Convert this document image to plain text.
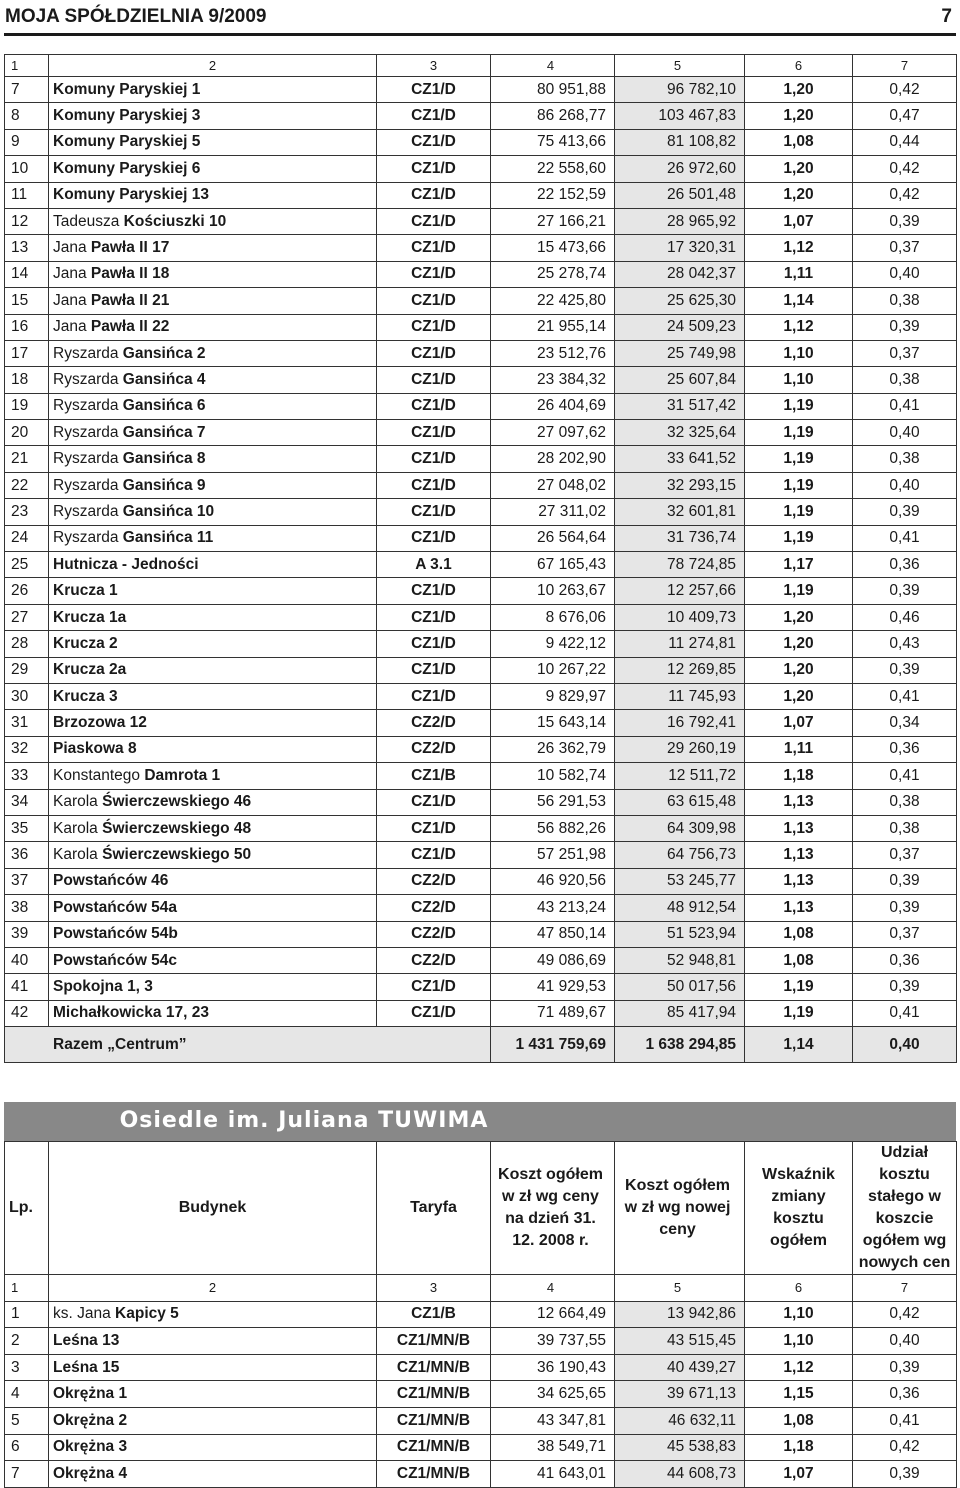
MOJA SPÓŁDZIELNIA 9/2009	7
1	2	3	4	5	6	7
7	Komuny Paryskiej 1	CZ1/D	80 951,88	96 782,10	1,20	0,42
8	Komuny Paryskiej 3	CZ1/D	86 268,77	103 467,83	1,20	0,47
9	Komuny Paryskiej 5	CZ1/D	75 413,66	81 108,82	1,08	0,44
10	Komuny Paryskiej 6	CZ1/D	22 558,60	26 972,60	1,20	0,42
11	Komuny Paryskiej 13	CZ1/D	22 152,59	26 501,48	1,20	0,42
12	Tadeusza Kościuszki 10	CZ1/D	27 166,21	28 965,92	1,07	0,39
13	Jana Pawła II 17	CZ1/D	15 473,66	17 320,31	1,12	0,37
14	Jana Pawła II 18	CZ1/D	25 278,74	28 042,37	1,11	0,40
15	Jana Pawła II 21	CZ1/D	22 425,80	25 625,30	1,14	0,38
16	Jana Pawła II 22	CZ1/D	21 955,14	24 509,23	1,12	0,39
17	Ryszarda Gansińca 2	CZ1/D	23 512,76	25 749,98	1,10	0,37
18	Ryszarda Gansińca 4	CZ1/D	23 384,32	25 607,84	1,10	0,38
19	Ryszarda Gansińca 6	CZ1/D	26 404,69	31 517,42	1,19	0,41
20	Ryszarda Gansińca 7	CZ1/D	27 097,62	32 325,64	1,19	0,40
21	Ryszarda Gansińca 8	CZ1/D	28 202,90	33 641,52	1,19	0,38
22	Ryszarda Gansińca 9	CZ1/D	27 048,02	32 293,15	1,19	0,40
23	Ryszarda Gansińca 10	CZ1/D	27 311,02	32 601,81	1,19	0,39
24	Ryszarda Gansińca 11	CZ1/D	26 564,64	31 736,74	1,19	0,41
25	Hutnicza - Jedności	A 3.1	67 165,43	78 724,85	1,17	0,36
26	Krucza 1	CZ1/D	10 263,67	12 257,66	1,19	0,39
27	Krucza 1a	CZ1/D	8 676,06	10 409,73	1,20	0,46
28	Krucza 2	CZ1/D	9 422,12	11 274,81	1,20	0,43
29	Krucza 2a	CZ1/D	10 267,22	12 269,85	1,20	0,39
30	Krucza 3	CZ1/D	9 829,97	11 745,93	1,20	0,41
31	Brzozowa 12	CZ2/D	15 643,14	16 792,41	1,07	0,34
32	Piaskowa 8	CZ2/D	26 362,79	29 260,19	1,11	0,36
33	Konstantego Damrota 1	CZ1/B	10 582,74	12 511,72	1,18	0,41
34	Karola Świerczewskiego 46	CZ1/D	56 291,53	63 615,48	1,13	0,38
35	Karola Świerczewskiego 48	CZ1/D	56 882,26	64 309,98	1,13	0,38
36	Karola Świerczewskiego 50	CZ1/D	57 251,98	64 756,73	1,13	0,37
37	Powstańców 46	CZ2/D	46 920,56	53 245,77	1,13	0,39
38	Powstańców 54a	CZ2/D	43 213,24	48 912,54	1,13	0,39
39	Powstańców 54b	CZ2/D	47 850,14	51 523,94	1,08	0,37
40	Powstańców 54c	CZ2/D	49 086,69	52 948,81	1,08	0,36
41	Spokojna 1, 3	CZ1/D	41 929,53	50 017,56	1,19	0,39
42	Michałkowicka 17, 23	CZ1/D	71 489,67	85 417,94	1,19	0,41
	Razem „Centrum”		1 431 759,69	1 638 294,85	1,14	0,40
Osiedle im. Juliana TUWIMA
Lp.	Budynek	Taryfa	Koszt ogółem w zł wg ceny na dzień 31. 12. 2008 r.	Koszt ogółem w zł wg nowej ceny	Wskaźnik zmiany kosztu ogółem	Udział kosztu stałego w koszcie ogółem wg nowych cen
1	2	3	4	5	6	7
1	ks. Jana Kapicy 5	CZ1/B	12 664,49	13 942,86	1,10	0,42
2	Leśna 13	CZ1/MN/B	39 737,55	43 515,45	1,10	0,40
3	Leśna 15	CZ1/MN/B	36 190,43	40 439,27	1,12	0,39
4	Okrężna 1	CZ1/MN/B	34 625,65	39 671,13	1,15	0,36
5	Okrężna 2	CZ1/MN/B	43 347,81	46 632,11	1,08	0,41
6	Okrężna 3	CZ1/MN/B	38 549,71	45 538,83	1,18	0,42
7	Okrężna 4	CZ1/MN/B	41 643,01	44 608,73	1,07	0,39
